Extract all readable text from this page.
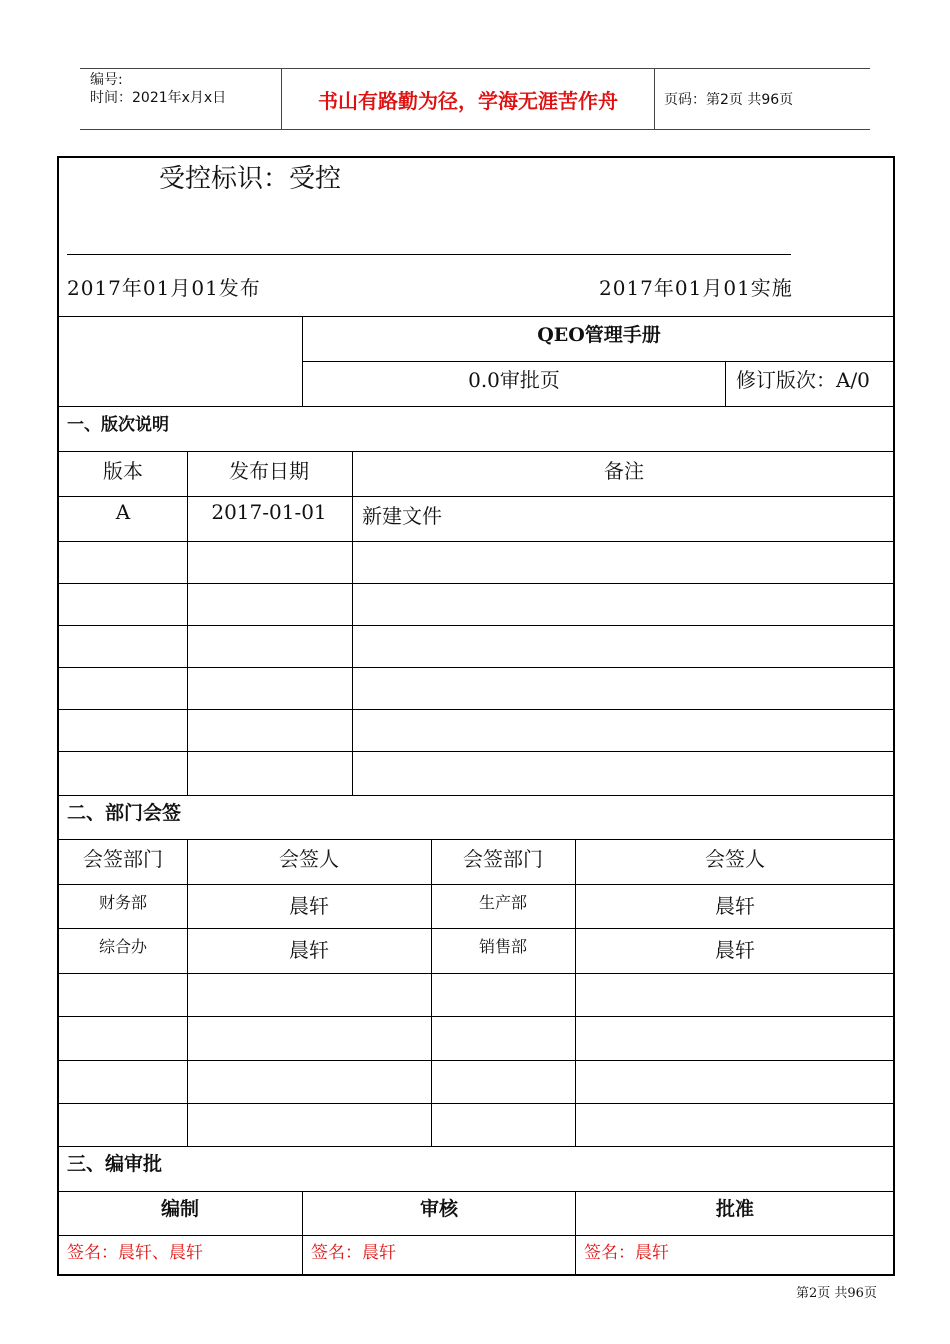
编号:
时间：2021年x月x日	书山有路勤为径，学海无涯苦作舟	页码：第2页 共96页
受控标识：受控
2017年01月01发布	2017年01月01实施
QEO管理手册
0.0审批页	修订版次：A/0
一、版次说明
版本	发布日期	备注
A	2017-01-01 新建文件
二、部门会签
会签部门	会签人	会签部门	会签人
财务部	晨轩	生产部	晨轩
综合办	晨轩	销售部	晨轩
三、编审批
编制	审核	批准
签名：晨轩、晨轩	签名：晨轩	签名：晨轩
第2页 共96页
